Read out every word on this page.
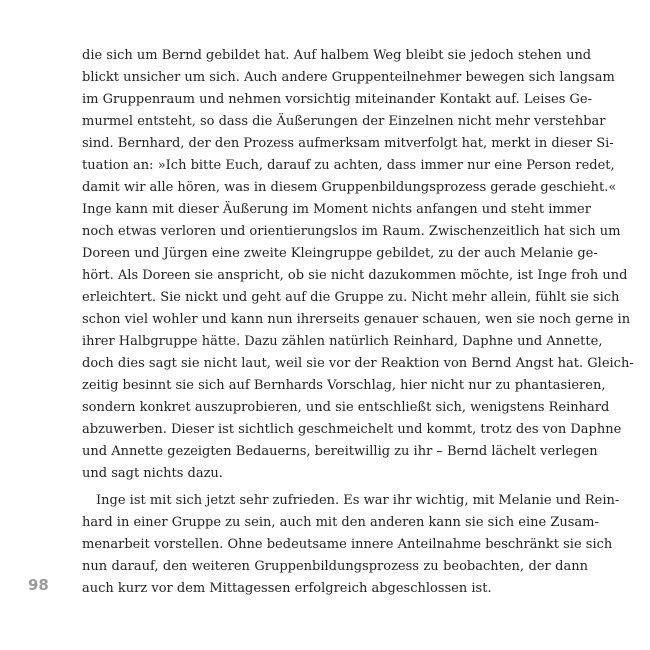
die sich um Bernd gebildet hat. Auf halbem Weg bleibt sie jedoch stehen und
blickt unsicher um sich. Auch andere Gruppenteilnehmer bewegen sich langsam
im Gruppenraum und nehmen vorsichtig miteinander Kontakt auf. Leises Ge-
murmel entsteht, so dass die Äußerungen der Einzelnen nicht mehr verstehbar
sind. Bernhard, der den Prozess aufmerksam mitverfolgt hat, merkt in dieser Si-
tuation an: »Ich bitte Euch, darauf zu achten, dass immer nur eine Person redet,
damit wir alle hören, was in diesem Gruppenbildungsprozess gerade geschieht.«
Inge kann mit dieser Äußerung im Moment nichts anfangen und steht immer
noch etwas verloren und orientierungslos im Raum. Zwischenzeitlich hat sich um
Doreen und Jürgen eine zweite Kleingruppe gebildet, zu der auch Melanie ge-
hört. Als Doreen sie anspricht, ob sie nicht dazukommen möchte, ist Inge froh und
erleichtert. Sie nickt und geht auf die Gruppe zu. Nicht mehr allein, fühlt sie sich
schon viel wohler und kann nun ihrerseits genauer schauen, wen sie noch gerne in
ihrer Halbgruppe hätte. Dazu zählen natürlich Reinhard, Daphne und Annette,
doch dies sagt sie nicht laut, weil sie vor der Reaktion von Bernd Angst hat. Gleich-
zeitig besinnt sie sich auf Bernhards Vorschlag, hier nicht nur zu phantasieren,
sondern konkret auszuprobieren, und sie entschließt sich, wenigstens Reinhard
abzuwerben. Dieser ist sichtlich geschmeichelt und kommt, trotz des von Daphne
und Annette gezeigten Bedauerns, bereitwillig zu ihr – Bernd lächelt verlegen
und sagt nichts dazu.
Inge ist mit sich jetzt sehr zufrieden. Es war ihr wichtig, mit Melanie und Rein-
hard in einer Gruppe zu sein, auch mit den anderen kann sie sich eine Zusam-
menarbeit vorstellen. Ohne bedeutsame innere Anteilnahme beschränkt sie sich
nun darauf, den weiteren Gruppenbildungsprozess zu beobachten, der dann
auch kurz vor dem Mittagessen erfolgreich abgeschlossen ist.
98
